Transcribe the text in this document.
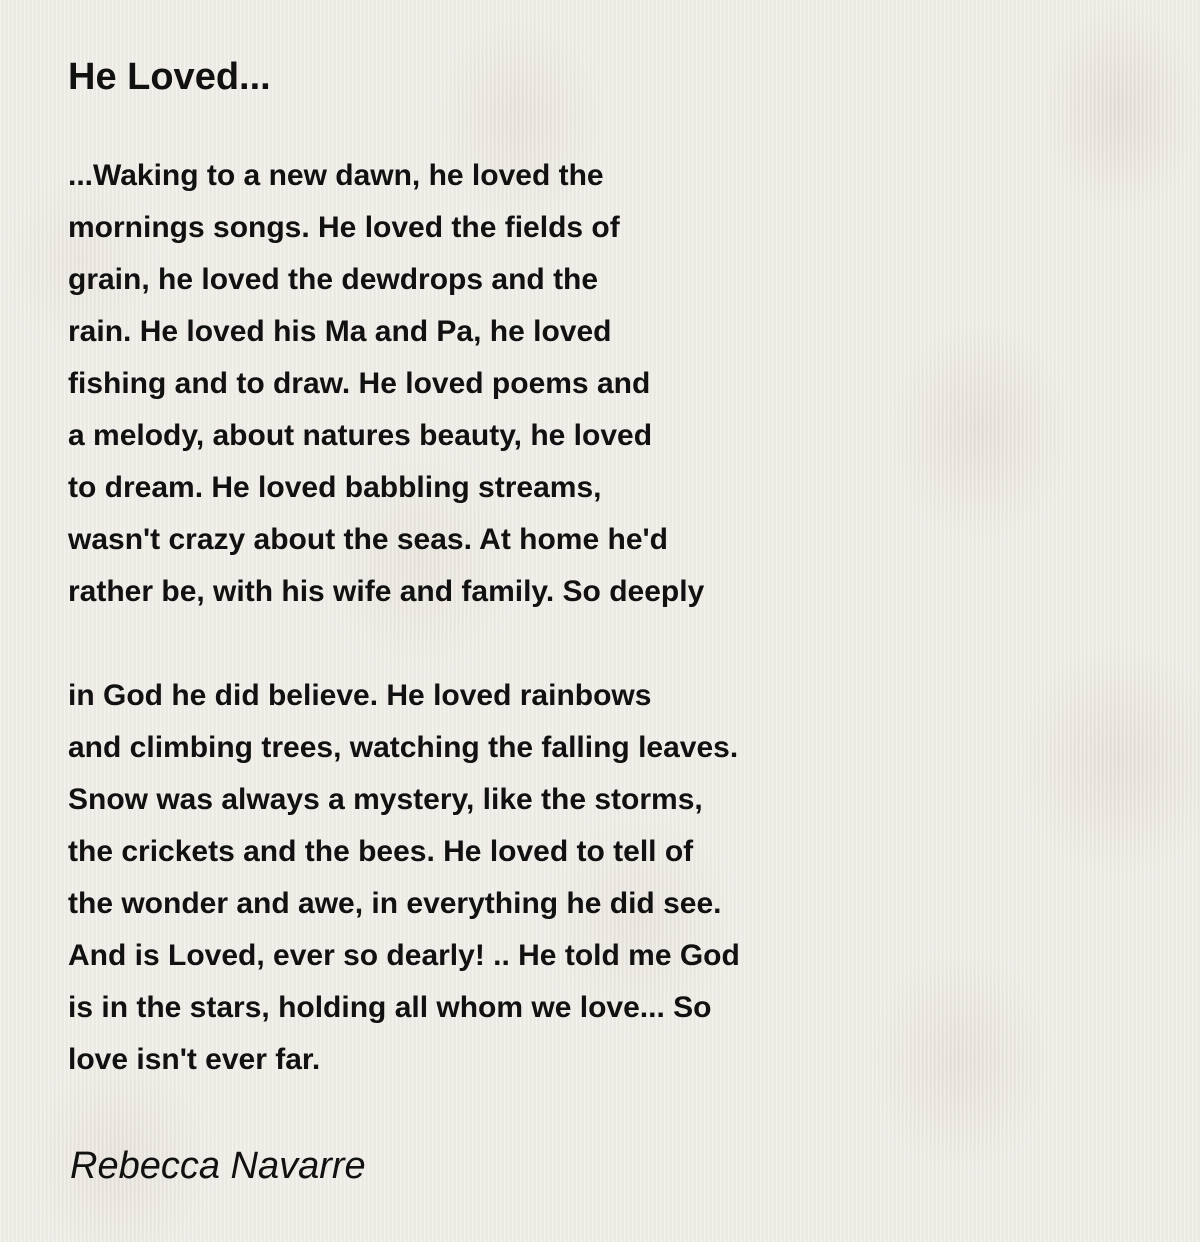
He Loved...

...Waking to a new dawn, he loved the
mornings songs. He loved the fields of
grain, he loved the dewdrops and the
rain. He loved his Ma and Pa, he loved
fishing and to draw. He loved poems and
a melody, about natures beauty, he loved
to dream. He loved babbling streams,
wasn't crazy about the seas. At home he'd
rather be, with his wife and family. So deeply

in God he did believe. He loved rainbows
and climbing trees, watching the falling leaves.
Snow was always a mystery, like the storms,
the crickets and the bees. He loved to tell of
the wonder and awe, in everything he did see.
And is Loved, ever so dearly! .. He told me God
is in the stars, holding all whom we love... So
love isn't ever far.

Rebecca Navarre
